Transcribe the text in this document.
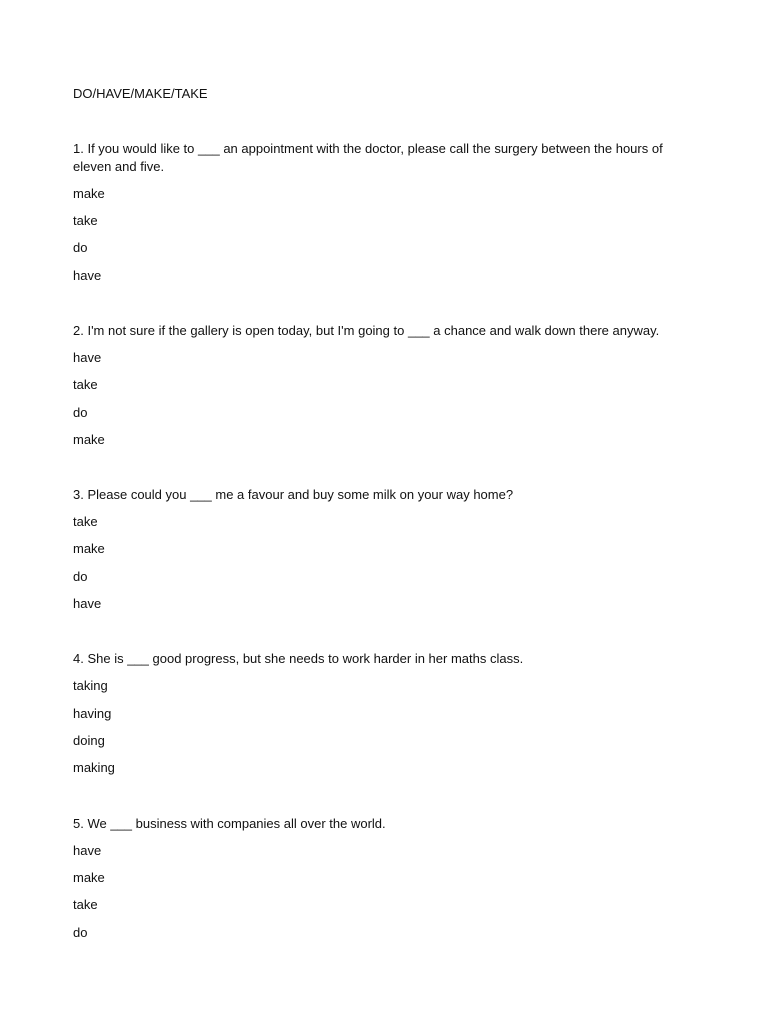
DO/HAVE/MAKE/TAKE
1. If you would like to ___ an appointment with the doctor, please call the surgery between the hours of eleven and five.
make
take
do
have
2. I'm not sure if the gallery is open today, but I'm going to ___ a chance and walk down there anyway.
have
take
do
make
3. Please could you ___ me a favour and buy some milk on your way home?
take
make
do
have
4. She is ___ good progress, but she needs to work harder in her maths class.
taking
having
doing
making
5. We ___ business with companies all over the world.
have
make
take
do
